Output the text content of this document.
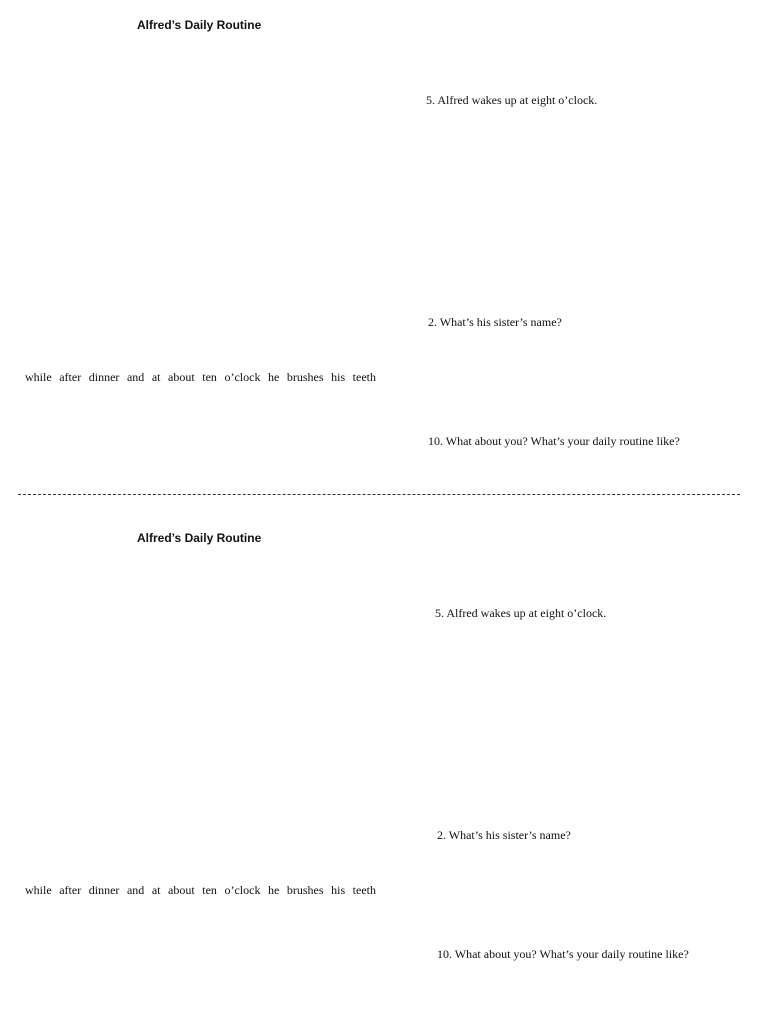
Alfred’s Daily Routine
5. Alfred wakes up at eight o’clock.
2. What’s his sister’s name?
while after dinner and at about ten o’clock he brushes his teeth
10. What about you? What’s your daily routine like?
Alfred’s Daily Routine
5. Alfred wakes up at eight o’clock.
2. What’s his sister’s name?
while after dinner and at about ten o’clock he brushes his teeth
10. What about you? What’s your daily routine like?
